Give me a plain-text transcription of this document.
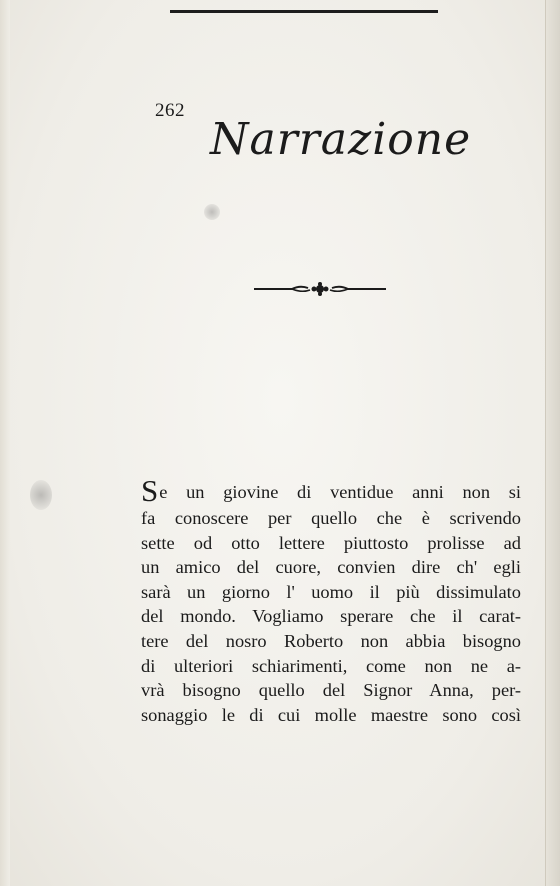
262
Narrazione
Se un giovine di ventidue anni non si
fa conoscere per quello che è scrivendo
sette od otto lettere piuttosto prolisse ad
un amico del cuore, convien dire ch' egli
sarà un giorno l' uomo il più dissimulato
del mondo. Vogliamo sperare che il carat-
tere del nosro Roberto non abbia bisogno
di ulteriori schiarimenti, come non ne a-
vrà bisogno quello del Signor Anna, per-
sonaggio le di cui molle maestre sono così
